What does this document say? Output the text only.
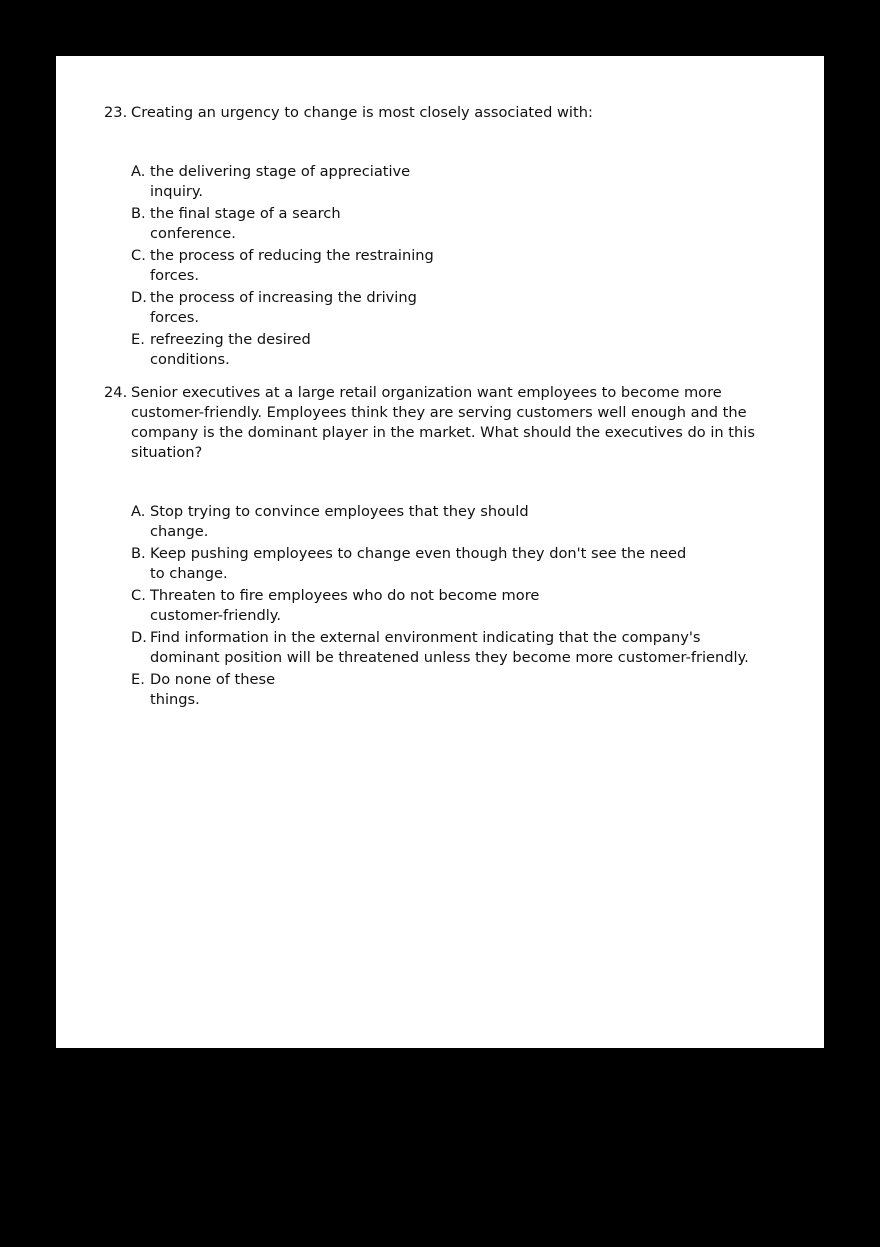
23. Creating an urgency to change is most closely associated with:
A. the delivering stage of appreciative
inquiry.
B. the final stage of a search
conference.
C. the process of reducing the restraining
forces.
D. the process of increasing the driving
forces.
E. refreezing the desired
conditions.
24. Senior executives at a large retail organization want employees to become more
customer-friendly. Employees think they are serving customers well enough and the
company is the dominant player in the market. What should the executives do in this
situation?
A. Stop trying to convince employees that they should
change.
B. Keep pushing employees to change even though they don't see the need
to change.
C. Threaten to fire employees who do not become more
customer-friendly.
D. Find information in the external environment indicating that the company's
dominant position will be threatened unless they become more customer-friendly.
E. Do none of these
things.
